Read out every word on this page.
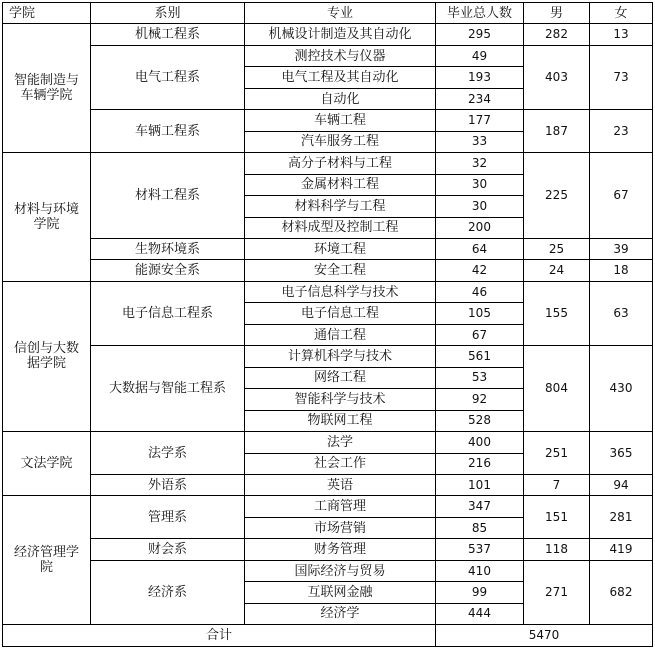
学院	系别	专业	毕业总人数	男	女
智能制造与车辆学院	机械工程系	机械设计制造及其自动化	295	282	13
	电气工程系	测控技术与仪器	49	403	73
		电气工程及其自动化	193		
		自动化	234		
	车辆工程系	车辆工程	177	187	23
		汽车服务工程	33		
材料与环境学院	材料工程系	高分子材料与工程	32	225	67
		金属材料工程	30		
		材料科学与工程	30		
		材料成型及控制工程	200		
	生物环境系	环境工程	64	25	39
	能源安全系	安全工程	42	24	18
信创与大数据学院	电子信息工程系	电子信息科学与技术	46	155	63
		电子信息工程	105		
		通信工程	67		
	大数据与智能工程系	计算机科学与技术	561	804	430
		网络工程	53		
		智能科学与技术	92		
		物联网工程	528		
文法学院	法学系	法学	400	251	365
		社会工作	216		
	外语系	英语	101	7	94
经济管理学院	管理系	工商管理	347	151	281
		市场营销	85		
	财会系	财务管理	537	118	419
	经济系	国际经济与贸易	410	271	682
		互联网金融	99		
		经济学	444		
合计			5470		
